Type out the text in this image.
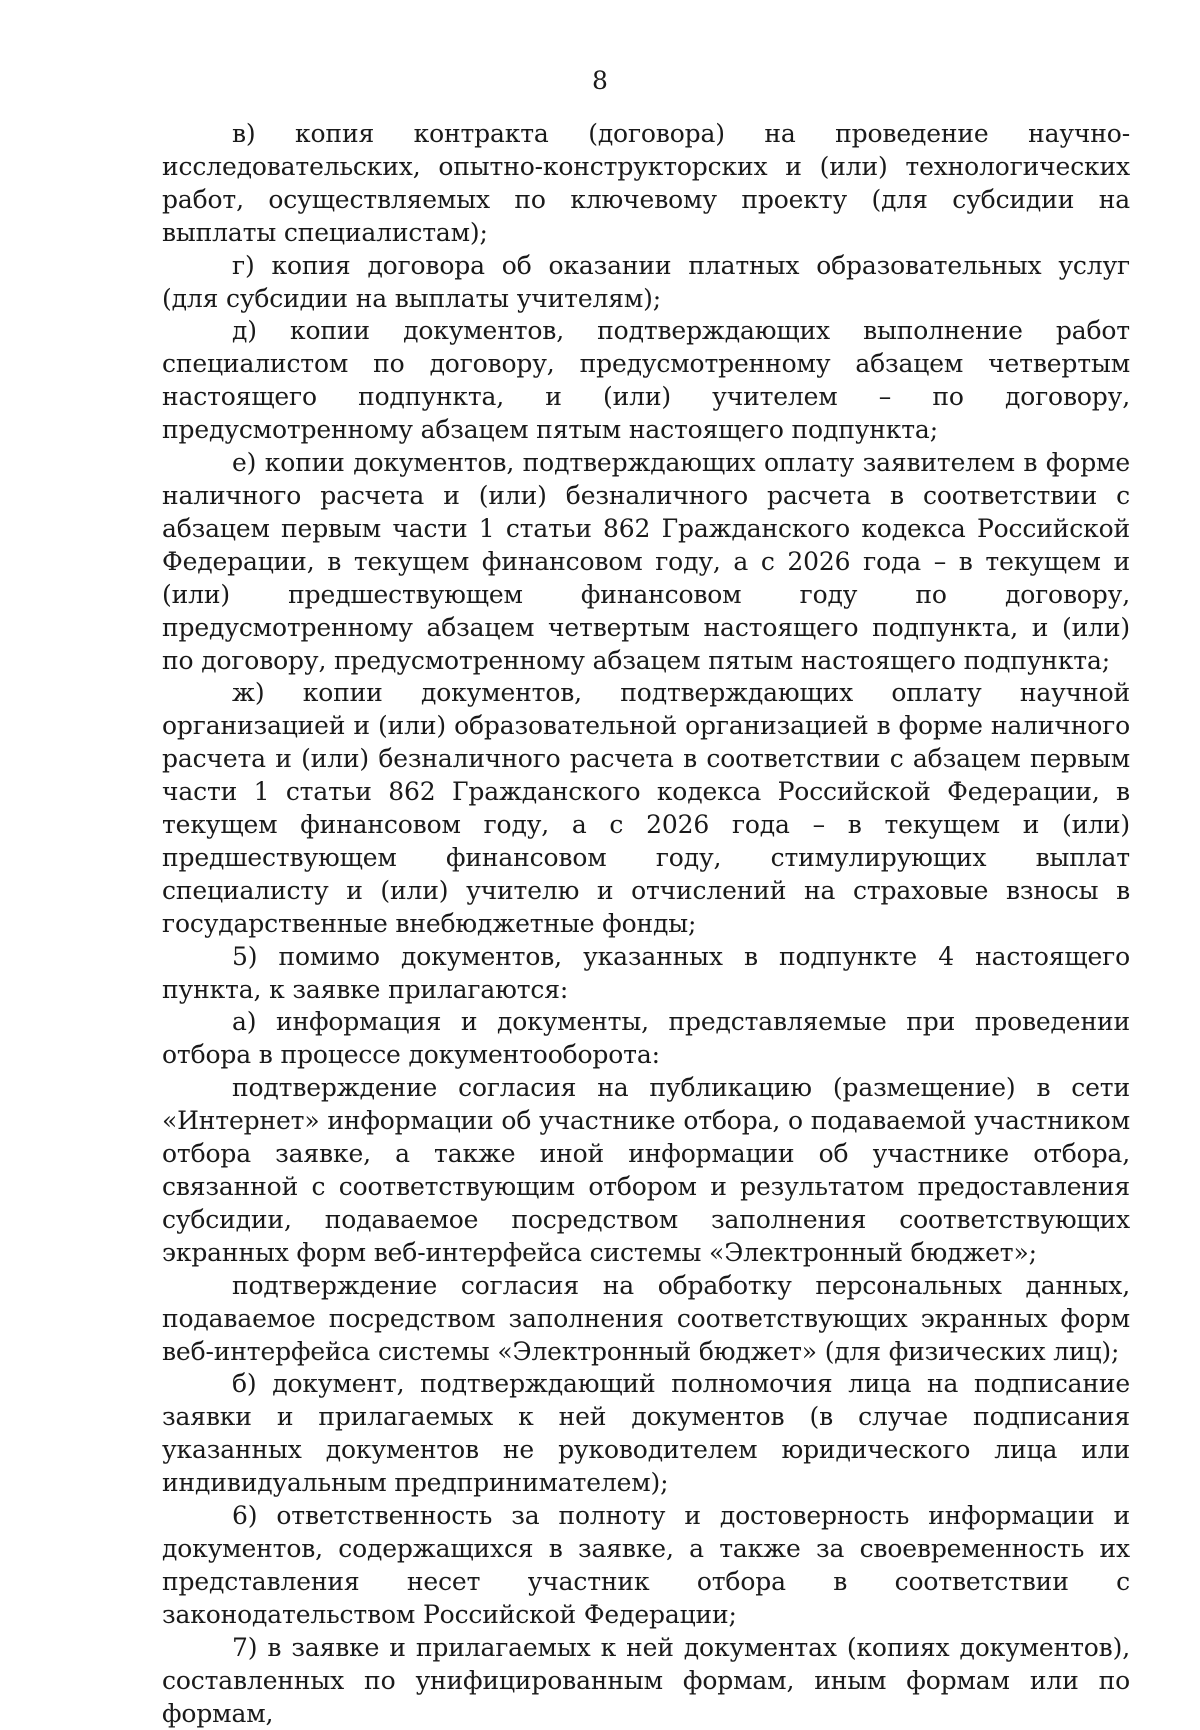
8

в) копия контракта (договора) на проведение научно-исследовательских, опытно-конструкторских и (или) технологических работ, осуществляемых по ключевому проекту (для субсидии на выплаты специалистам);

г) копия договора об оказании платных образовательных услуг (для субсидии на выплаты учителям);

д) копии документов, подтверждающих выполнение работ специалистом по договору, предусмотренному абзацем четвертым настоящего подпункта, и (или) учителем – по договору, предусмотренному абзацем пятым настоящего подпункта;

е) копии документов, подтверждающих оплату заявителем в форме наличного расчета и (или) безналичного расчета в соответствии с абзацем первым части 1 статьи 862 Гражданского кодекса Российской Федерации, в текущем финансовом году, а с 2026 года – в текущем и (или) предшествующем финансовом году по договору, предусмотренному абзацем четвертым настоящего подпункта, и (или) по договору, предусмотренному абзацем пятым настоящего подпункта;

ж) копии документов, подтверждающих оплату научной организацией и (или) образовательной организацией в форме наличного расчета и (или) безналичного расчета в соответствии с абзацем первым части 1 статьи 862 Гражданского кодекса Российской Федерации, в текущем финансовом году, а с 2026 года – в текущем и (или) предшествующем финансовом году, стимулирующих выплат специалисту и (или) учителю и отчислений на страховые взносы в государственные внебюджетные фонды;

5) помимо документов, указанных в подпункте 4 настоящего пункта, к заявке прилагаются:

а) информация и документы, представляемые при проведении отбора в процессе документооборота:

подтверждение согласия на публикацию (размещение) в сети «Интернет» информации об участнике отбора, о подаваемой участником отбора заявке, а также иной информации об участнике отбора, связанной с соответствующим отбором и результатом предоставления субсидии, подаваемое посредством заполнения соответствующих экранных форм веб-интерфейса системы «Электронный бюджет»;

подтверждение согласия на обработку персональных данных, подаваемое посредством заполнения соответствующих экранных форм веб-интерфейса системы «Электронный бюджет» (для физических лиц);

б) документ, подтверждающий полномочия лица на подписание заявки и прилагаемых к ней документов (в случае подписания указанных документов не руководителем юридического лица или индивидуальным предпринимателем);

6) ответственность за полноту и достоверность информации и документов, содержащихся в заявке, а также за своевременность их представления несет участник отбора в соответствии с законодательством Российской Федерации;

7) в заявке и прилагаемых к ней документах (копиях документов), составленных по унифицированным формам, иным формам или по формам,
